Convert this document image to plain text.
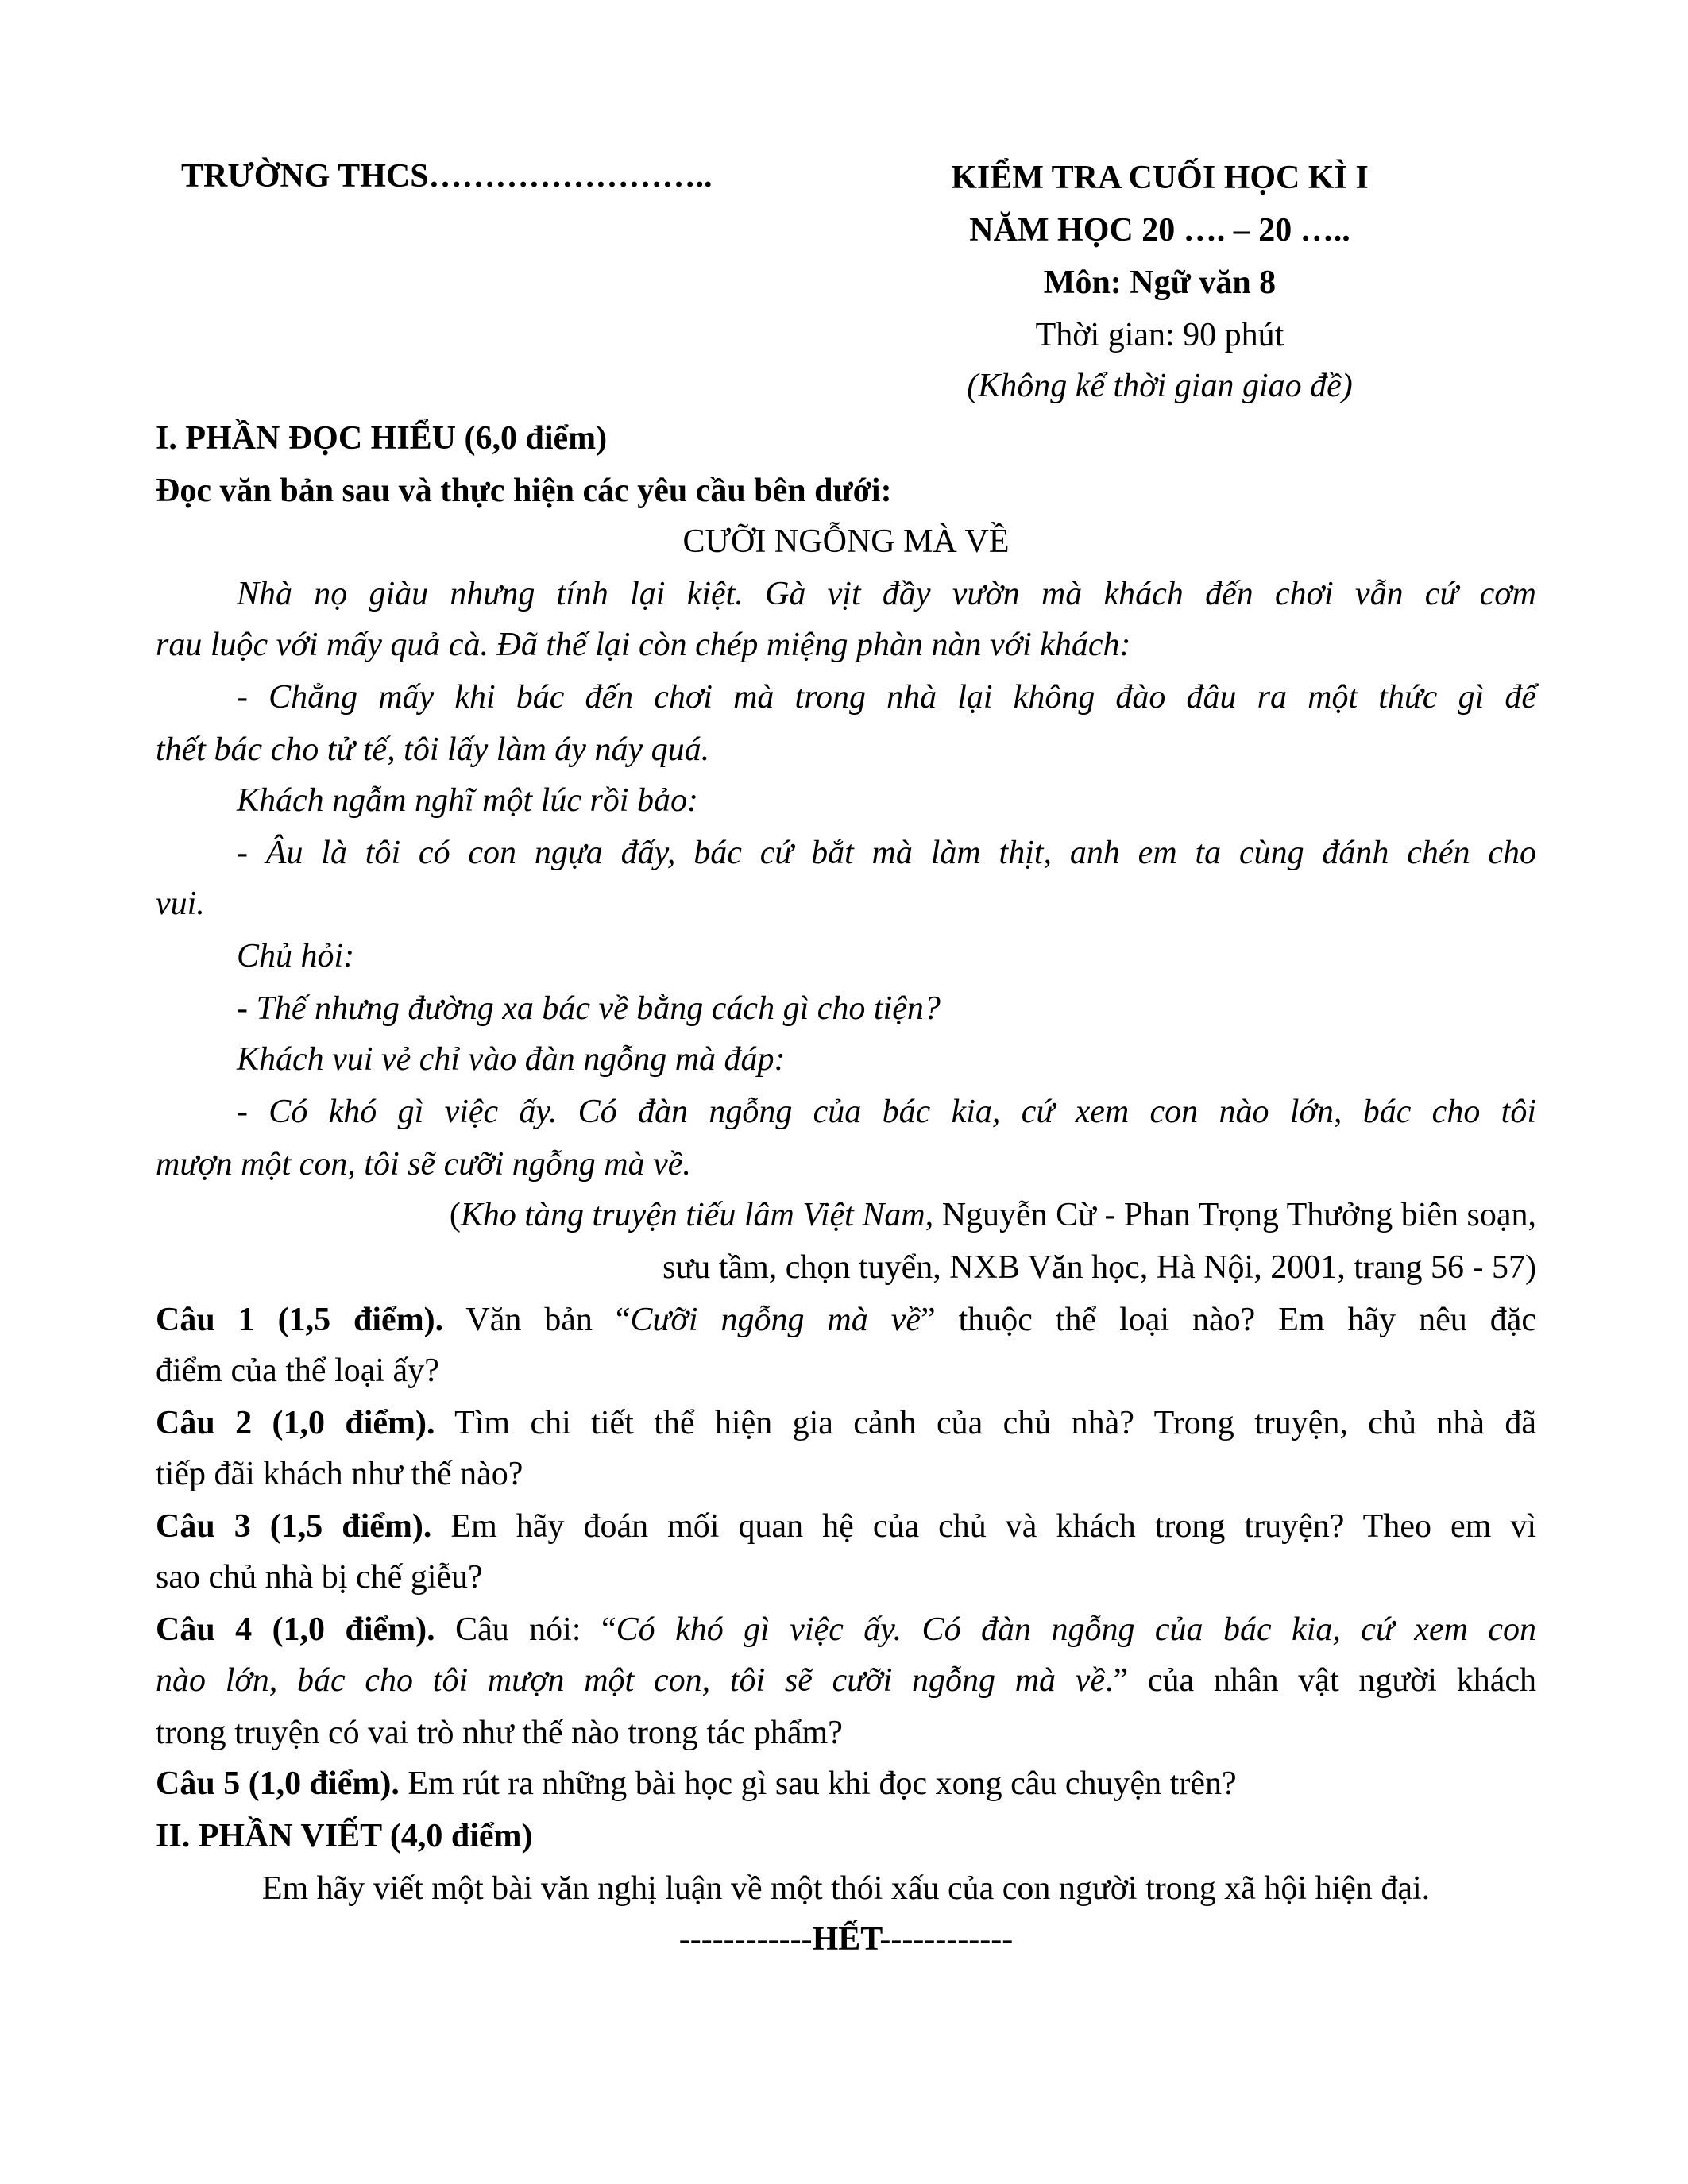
TRƯỜNG THCS……………………..	KIỂM TRA CUỐI HỌC KÌ I
NĂM HỌC 20 …. – 20 …..
Môn: Ngữ văn 8
Thời gian: 90 phút
(Không kể thời gian giao đề)
I. PHẦN ĐỌC HIỂU (6,0 điểm)
Đọc văn bản sau và thực hiện các yêu cầu bên dưới:
CƯỠI NGỖNG MÀ VỀ
Nhà nọ giàu nhưng tính lại kiệt. Gà vịt đầy vườn mà khách đến chơi vẫn cứ cơm
rau luộc với mấy quả cà. Đã thế lại còn chép miệng phàn nàn với khách:
- Chẳng mấy khi bác đến chơi mà trong nhà lại không đào đâu ra một thức gì để
thết bác cho tử tế, tôi lấy làm áy náy quá.
Khách ngẫm nghĩ một lúc rồi bảo:
- Âu là tôi có con ngựa đấy, bác cứ bắt mà làm thịt, anh em ta cùng đánh chén cho
vui.
Chủ hỏi:
- Thế nhưng đường xa bác về bằng cách gì cho tiện?
Khách vui vẻ chỉ vào đàn ngỗng mà đáp:
- Có khó gì việc ấy. Có đàn ngỗng của bác kia, cứ xem con nào lớn, bác cho tôi
mượn một con, tôi sẽ cưỡi ngỗng mà về.
(Kho tàng truyện tiếu lâm Việt Nam, Nguyễn Cừ - Phan Trọng Thưởng biên soạn,
sưu tầm, chọn tuyển, NXB Văn học, Hà Nội, 2001, trang 56 - 57)
Câu 1 (1,5 điểm). Văn bản “Cưỡi ngỗng mà về” thuộc thể loại nào? Em hãy nêu đặc
điểm của thể loại ấy?
Câu 2 (1,0 điểm). Tìm chi tiết thể hiện gia cảnh của chủ nhà? Trong truyện, chủ nhà đã
tiếp đãi khách như thế nào?
Câu 3 (1,5 điểm). Em hãy đoán mối quan hệ của chủ và khách trong truyện? Theo em vì
sao chủ nhà bị chế giễu?
Câu 4 (1,0 điểm). Câu nói: “Có khó gì việc ấy. Có đàn ngỗng của bác kia, cứ xem con
nào lớn, bác cho tôi mượn một con, tôi sẽ cưỡi ngỗng mà về.” của nhân vật người khách
trong truyện có vai trò như thế nào trong tác phẩm?
Câu 5 (1,0 điểm). Em rút ra những bài học gì sau khi đọc xong câu chuyện trên?
II. PHẦN VIẾT (4,0 điểm)
Em hãy viết một bài văn nghị luận về một thói xấu của con người trong xã hội hiện đại.
------------HẾT------------
